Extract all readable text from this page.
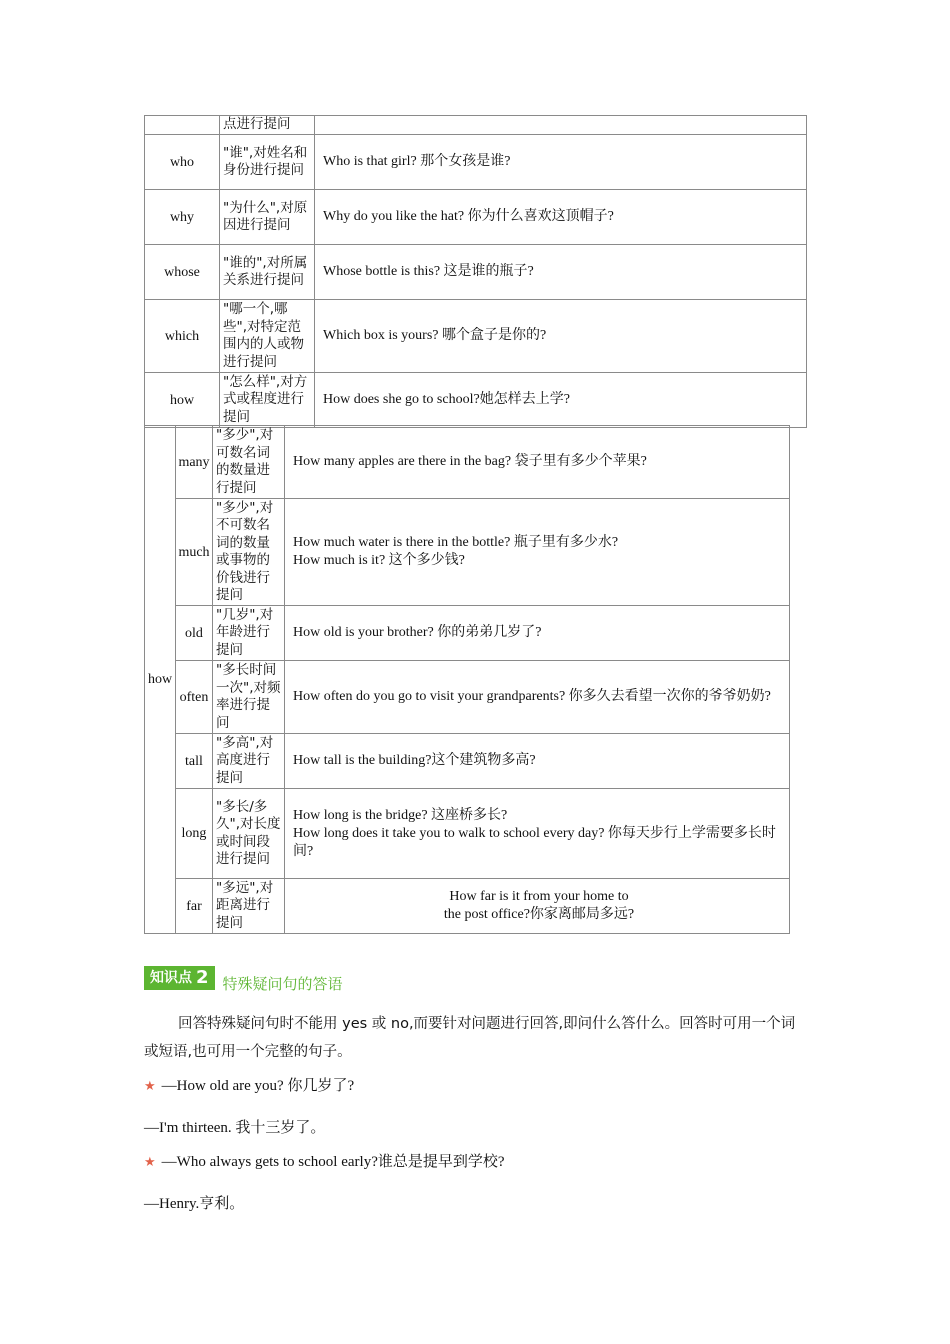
	点进行提问	
who	"谁",对姓名和身份进行提问	Who is that girl? 那个女孩是谁?
why	"为什么",对原因进行提问	Why do you like the hat? 你为什么喜欢这顶帽子?
whose	"谁的",对所属关系进行提问	Whose bottle is this? 这是谁的瓶子?
which	"哪一个,哪些",对特定范围内的人或物进行提问	Which box is yours? 哪个盒子是你的?
how	"怎么样",对方式或程度进行提问	How does she go to school?她怎样去上学?
how	many	"多少",对可数名词的数量进行提问	How many apples are there in the bag? 袋子里有多少个苹果?

	much	"多少",对不可数名词的数量或事物的价钱进行提问	How much water is there in the bottle? 瓶子里有多少水?
How much is it? 这个多少钱?

	old	"几岁",对年龄进行提问	How old is your brother? 你的弟弟几岁了?

	often	"多长时间一次",对频率进行提问	How often do you go to visit your grandparents? 你多久去看望一次你的爷爷奶奶?

	tall	"多高",对高度进行提问	How tall is the building?这个建筑物多高?

	long	"多长/多久",对长度或时间段进行提问	How long is the bridge? 这座桥多长?
How long does it take you to walk to school every day? 你每天步行上学需要多长时间?

	far	"多远",对距离进行提问	How far is it from your home to
the post office?你家离邮局多远?
知识点 2 特殊疑问句的答语
回答特殊疑问句时不能用 yes 或 no,而要针对问题进行回答,即问什么答什么。回答时可用一个词或短语,也可用一个完整的句子。
★ —How old are you? 你几岁了?
—I'm thirteen. 我十三岁了。
★ —Who always gets to school early?谁总是提早到学校?
—Henry.亨利。
